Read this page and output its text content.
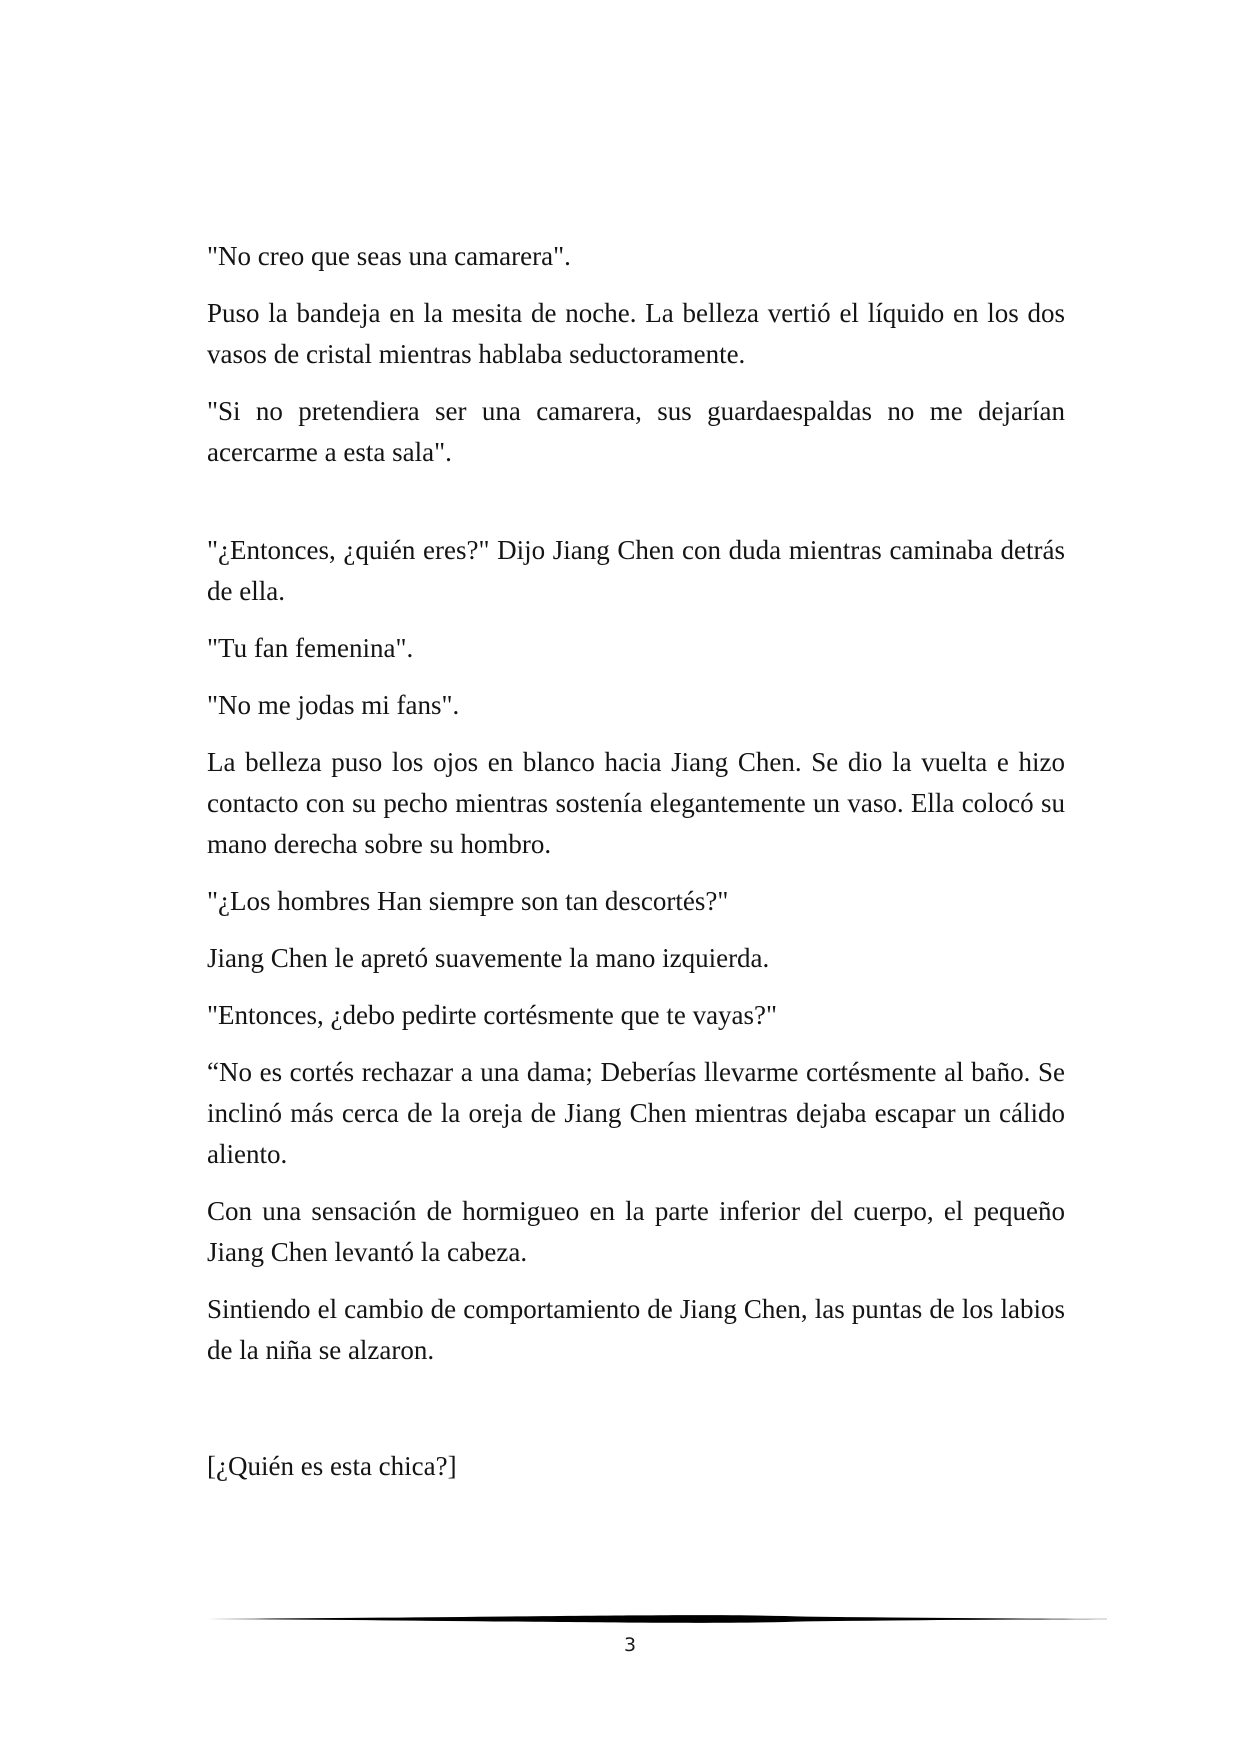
"No creo que seas una camarera".

Puso la bandeja en la mesita de noche. La belleza vertió el líquido en los dos vasos de cristal mientras hablaba seductoramente.

"Si no pretendiera ser una camarera, sus guardaespaldas no me dejarían acercarme a esta sala".

"¿Entonces, ¿quién eres?" Dijo Jiang Chen con duda mientras caminaba detrás de ella.

"Tu fan femenina".

"No me jodas mi fans".

La belleza puso los ojos en blanco hacia Jiang Chen. Se dio la vuelta e hizo contacto con su pecho mientras sostenía elegantemente un vaso. Ella colocó su mano derecha sobre su hombro.

"¿Los hombres Han siempre son tan descortés?"

Jiang Chen le apretó suavemente la mano izquierda.

"Entonces, ¿debo pedirte cortésmente que te vayas?"

“No es cortés rechazar a una dama; Deberías llevarme cortésmente al baño. Se inclinó más cerca de la oreja de Jiang Chen mientras dejaba escapar un cálido aliento.

Con una sensación de hormigueo en la parte inferior del cuerpo, el pequeño Jiang Chen levantó la cabeza.

Sintiendo el cambio de comportamiento de Jiang Chen, las puntas de los labios de la niña se alzaron.

[¿Quién es esta chica?]

3
